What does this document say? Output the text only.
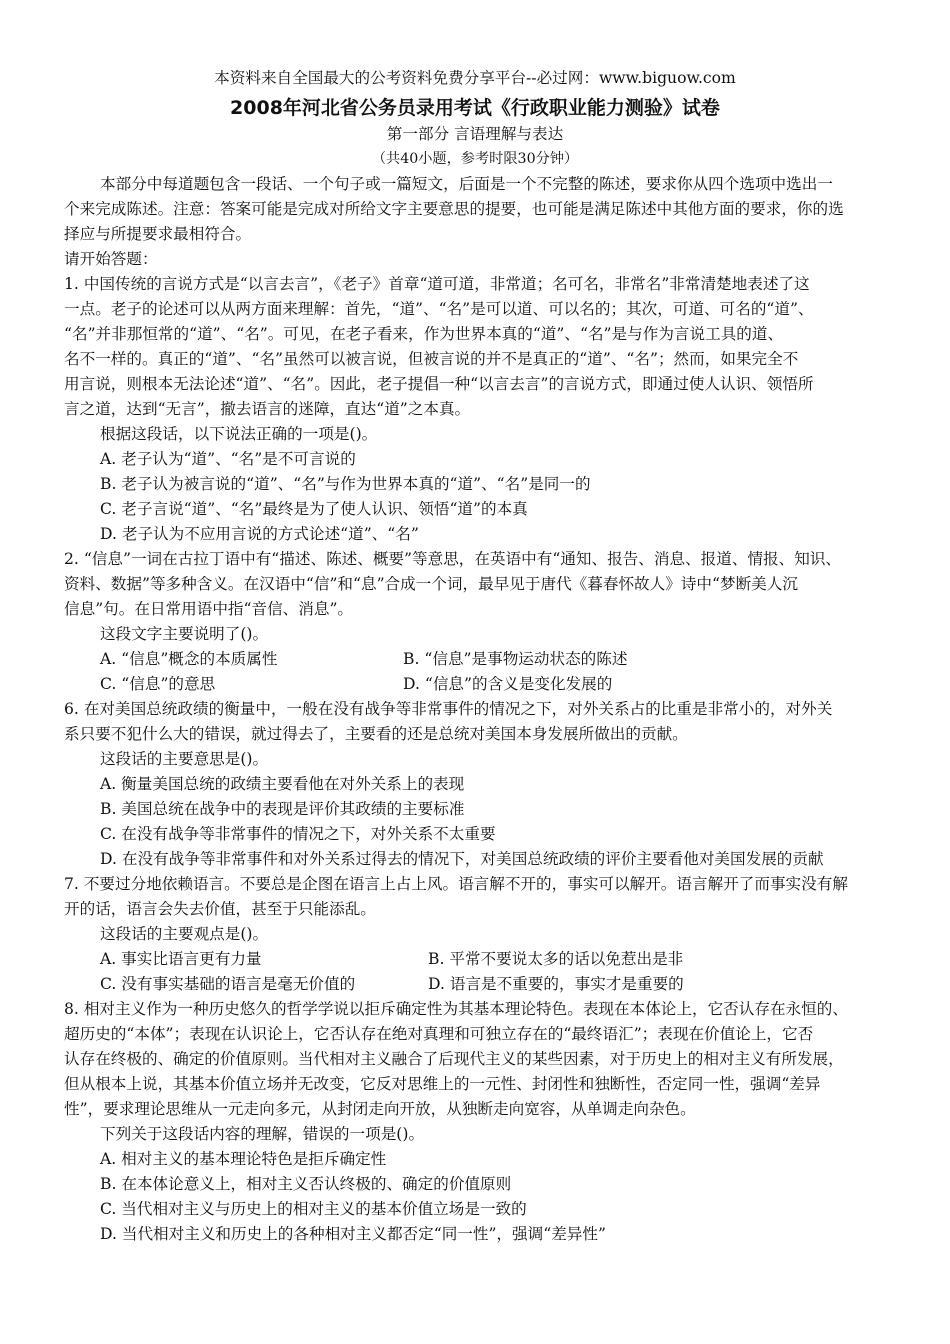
本资料来自全国最大的公考资料免费分享平台--必过网：www.biguow.com
2008年河北省公务员录用考试《行政职业能力测验》试卷
第一部分 言语理解与表达
（共40小题，参考时限30分钟）
本部分中每道题包含一段话、一个句子或一篇短文，后面是一个不完整的陈述，要求你从四个选项中选出一
个来完成陈述。注意：答案可能是完成对所给文字主要意思的提要，也可能是满足陈述中其他方面的要求，你的选
择应与所提要求最相符合。
请开始答题：
1. 中国传统的言说方式是“以言去言”，《老子》首章“道可道，非常道；名可名，非常名”非常清楚地表述了这
一点。老子的论述可以从两方面来理解：首先，“道”、“名”是可以道、可以名的；其次，可道、可名的“道”、
“名”并非那恒常的“道”、“名”。可见，在老子看来，作为世界本真的“道”、“名”是与作为言说工具的道、
名不一样的。真正的“道”、“名”虽然可以被言说，但被言说的并不是真正的“道”、“名”；然而，如果完全不
用言说，则根本无法论述“道”、“名”。因此，老子提倡一种“以言去言”的言说方式，即通过使人认识、领悟所
言之道，达到“无言”，撤去语言的迷障，直达“道”之本真。
根据这段话，以下说法正确的一项是()。
A. 老子认为“道”、“名”是不可言说的
B. 老子认为被言说的“道”、“名”与作为世界本真的“道”、“名”是同一的
C. 老子言说“道”、“名”最终是为了使人认识、领悟“道”的本真
D. 老子认为不应用言说的方式论述“道”、“名”
2. “信息”一词在古拉丁语中有“描述、陈述、概要”等意思，在英语中有“通知、报告、消息、报道、情报、知识、
资料、数据”等多种含义。在汉语中“信”和“息”合成一个词，最早见于唐代《暮春怀故人》诗中“梦断美人沉
信息”句。在日常用语中指“音信、消息”。
这段文字主要说明了()。
A. “信息”概念的本质属性	B. “信息”是事物运动状态的陈述
C. “信息”的意思	D. “信息”的含义是变化发展的
6. 在对美国总统政绩的衡量中，一般在没有战争等非常事件的情况之下，对外关系占的比重是非常小的，对外关
系只要不犯什么大的错误，就过得去了，主要看的还是总统对美国本身发展所做出的贡献。
这段话的主要意思是()。
A. 衡量美国总统的政绩主要看他在对外关系上的表现
B. 美国总统在战争中的表现是评价其政绩的主要标准
C. 在没有战争等非常事件的情况之下，对外关系不太重要
D. 在没有战争等非常事件和对外关系过得去的情况下，对美国总统政绩的评价主要看他对美国发展的贡献
7. 不要过分地依赖语言。不要总是企图在语言上占上风。语言解不开的，事实可以解开。语言解开了而事实没有解
开的话，语言会失去价值，甚至于只能添乱。
这段话的主要观点是()。
A. 事实比语言更有力量	B. 平常不要说太多的话以免惹出是非
C. 没有事实基础的语言是毫无价值的	D. 语言是不重要的，事实才是重要的
8. 相对主义作为一种历史悠久的哲学学说以拒斥确定性为其基本理论特色。表现在本体论上，它否认存在永恒的、
超历史的“本体”；表现在认识论上，它否认存在绝对真理和可独立存在的“最终语汇”；表现在价值论上，它否
认存在终极的、确定的价值原则。当代相对主义融合了后现代主义的某些因素，对于历史上的相对主义有所发展，
但从根本上说，其基本价值立场并无改变，它反对思维上的一元性、封闭性和独断性，否定同一性，强调“差异
性”，要求理论思维从一元走向多元，从封闭走向开放，从独断走向宽容，从单调走向杂色。
下列关于这段话内容的理解，错误的一项是()。
A. 相对主义的基本理论特色是拒斥确定性
B. 在本体论意义上，相对主义否认终极的、确定的价值原则
C. 当代相对主义与历史上的相对主义的基本价值立场是一致的
D. 当代相对主义和历史上的各种相对主义都否定“同一性”，强调“差异性”
